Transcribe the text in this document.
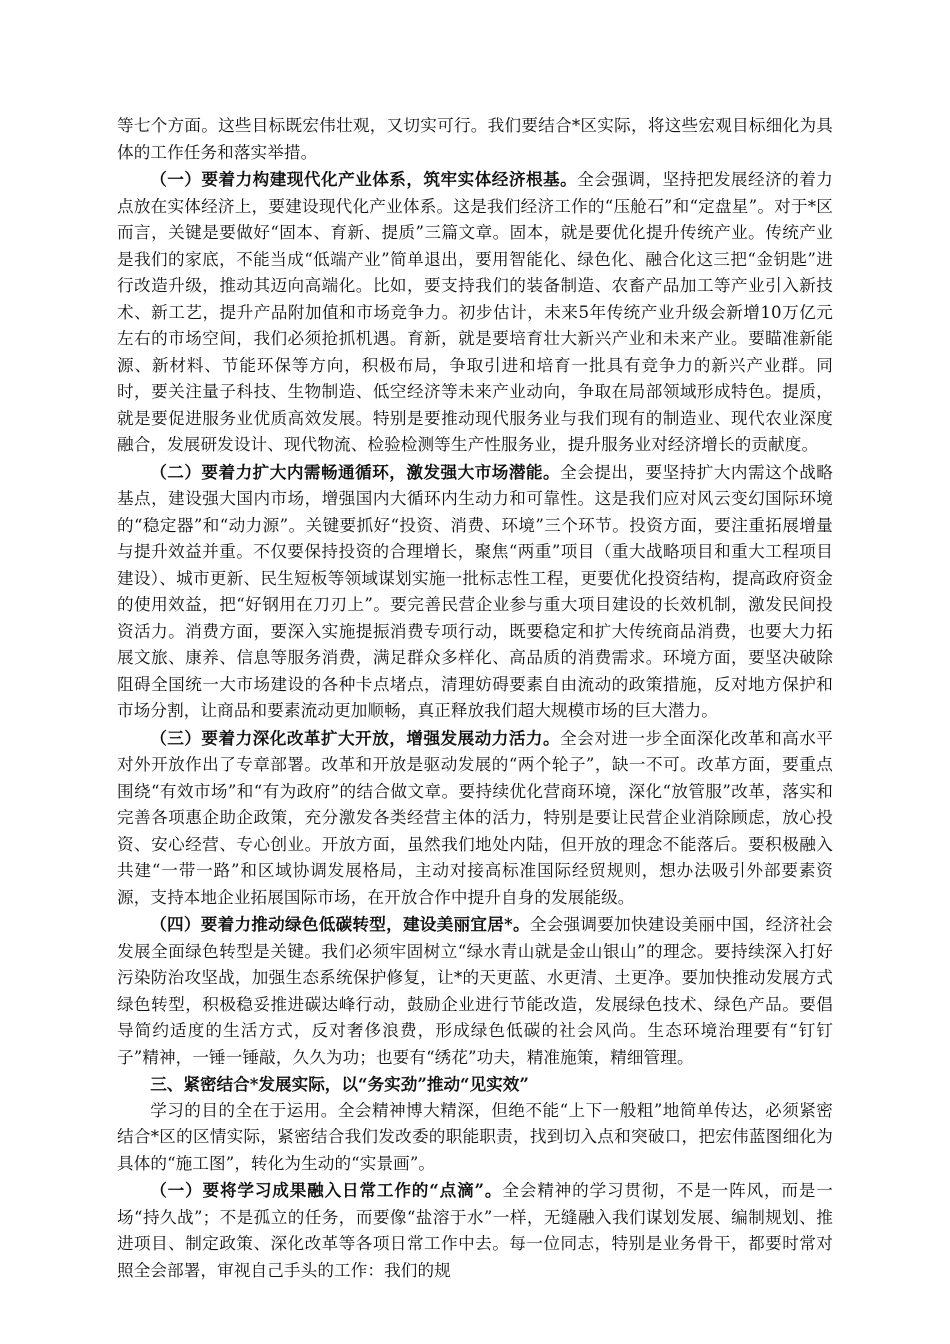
等七个方面。这些目标既宏伟壮观，又切实可行。我们要结合*区实际，将这些宏观目标细化为具体的工作任务和落实举措。

（一）要着力构建现代化产业体系，筑牢实体经济根基。全会强调，坚持把发展经济的着力点放在实体经济上，要建设现代化产业体系。这是我们经济工作的“压舱石”和“定盘星”。对于*区而言，关键是要做好“固本、育新、提质”三篇文章。固本，就是要优化提升传统产业。传统产业是我们的家底，不能当成“低端产业”简单退出，要用智能化、绿色化、融合化这三把“金钥匙”进行改造升级，推动其迈向高端化。比如，要支持我们的装备制造、农畜产品加工等产业引入新技术、新工艺，提升产品附加值和市场竞争力。初步估计，未来5年传统产业升级会新增10万亿元左右的市场空间，我们必须抢抓机遇。育新，就是要培育壮大新兴产业和未来产业。要瞄准新能源、新材料、节能环保等方向，积极布局，争取引进和培育一批具有竞争力的新兴产业群。同时，要关注量子科技、生物制造、低空经济等未来产业动向，争取在局部领域形成特色。提质，就是要促进服务业优质高效发展。特别是要推动现代服务业与我们现有的制造业、现代农业深度融合，发展研发设计、现代物流、检验检测等生产性服务业，提升服务业对经济增长的贡献度。

（二）要着力扩大内需畅通循环，激发强大市场潜能。全会提出，要坚持扩大内需这个战略基点，建设强大国内市场，增强国内大循环内生动力和可靠性。这是我们应对风云变幻国际环境的“稳定器”和“动力源”。关键要抓好“投资、消费、环境”三个环节。投资方面，要注重拓展增量与提升效益并重。不仅要保持投资的合理增长，聚焦“两重”项目（重大战略项目和重大工程项目建设）、城市更新、民生短板等领域谋划实施一批标志性工程，更要优化投资结构，提高政府资金的使用效益，把“好钢用在刀刃上”。要完善民营企业参与重大项目建设的长效机制，激发民间投资活力。消费方面，要深入实施提振消费专项行动，既要稳定和扩大传统商品消费，也要大力拓展文旅、康养、信息等服务消费，满足群众多样化、高品质的消费需求。环境方面，要坚决破除阻碍全国统一大市场建设的各种卡点堵点，清理妨碍要素自由流动的政策措施，反对地方保护和市场分割，让商品和要素流动更加顺畅，真正释放我们超大规模市场的巨大潜力。

（三）要着力深化改革扩大开放，增强发展动力活力。全会对进一步全面深化改革和高水平对外开放作出了专章部署。改革和开放是驱动发展的“两个轮子”，缺一不可。改革方面，要重点围绕“有效市场”和“有为政府”的结合做文章。要持续优化营商环境，深化“放管服”改革，落实和完善各项惠企助企政策，充分激发各类经营主体的活力，特别是要让民营企业消除顾虑，放心投资、安心经营、专心创业。开放方面，虽然我们地处内陆，但开放的理念不能落后。要积极融入共建“一带一路”和区域协调发展格局，主动对接高标准国际经贸规则，想办法吸引外部要素资源，支持本地企业拓展国际市场，在开放合作中提升自身的发展能级。

（四）要着力推动绿色低碳转型，建设美丽宜居*。全会强调要加快建设美丽中国，经济社会发展全面绿色转型是关键。我们必须牢固树立“绿水青山就是金山银山”的理念。要持续深入打好污染防治攻坚战，加强生态系统保护修复，让*的天更蓝、水更清、土更净。要加快推动发展方式绿色转型，积极稳妥推进碳达峰行动，鼓励企业进行节能改造，发展绿色技术、绿色产品。要倡导简约适度的生活方式，反对奢侈浪费，形成绿色低碳的社会风尚。生态环境治理要有“钉钉子”精神，一锤一锤敲，久久为功；也要有“绣花”功夫，精准施策，精细管理。

三、紧密结合*发展实际，以“务实劲”推动“见实效”

学习的目的全在于运用。全会精神博大精深，但绝不能“上下一般粗”地简单传达，必须紧密结合*区的区情实际，紧密结合我们发改委的职能职责，找到切入点和突破口，把宏伟蓝图细化为具体的“施工图”，转化为生动的“实景画”。

（一）要将学习成果融入日常工作的“点滴”。全会精神的学习贯彻，不是一阵风，而是一场“持久战”；不是孤立的任务，而要像“盐溶于水”一样，无缝融入我们谋划发展、编制规划、推进项目、制定政策、深化改革等各项日常工作中去。每一位同志，特别是业务骨干，都要时常对照全会部署，审视自己手头的工作：我们的规
